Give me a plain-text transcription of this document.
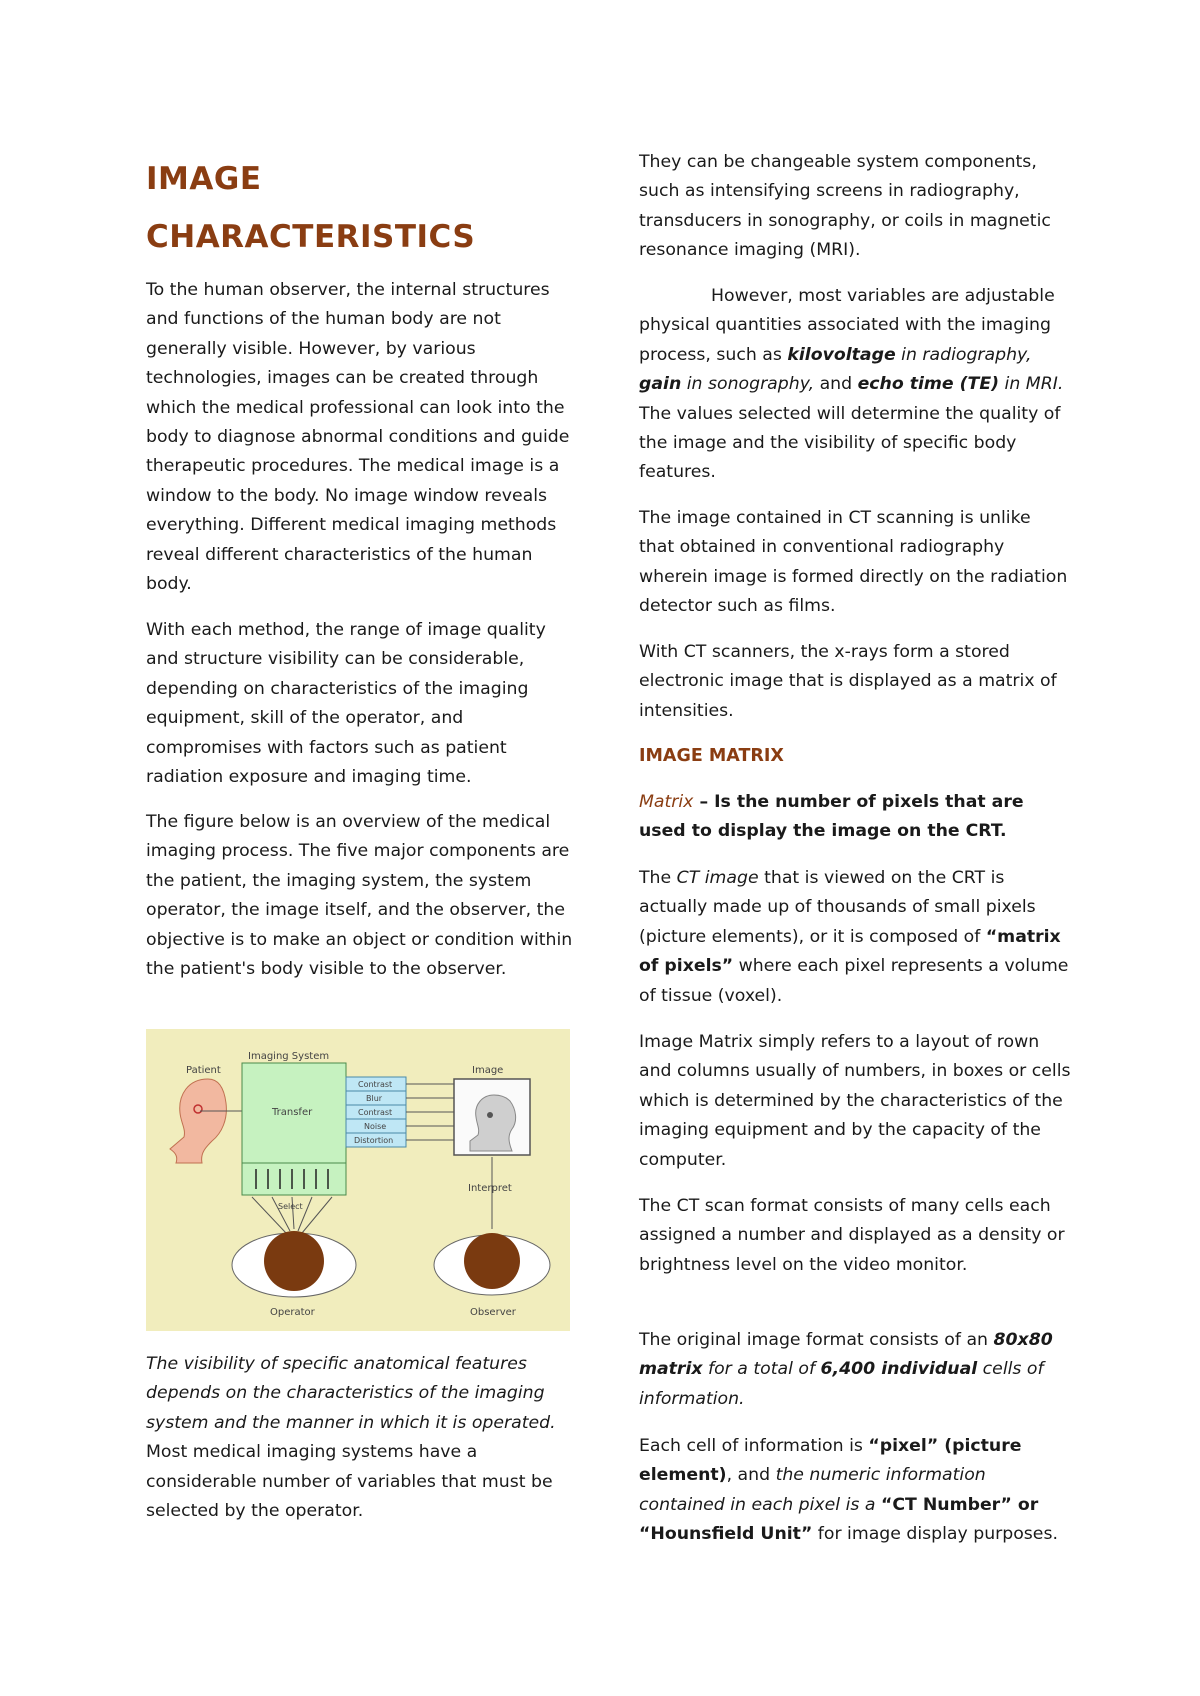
IMAGE
CHARACTERISTICS

To the human observer, the internal structures and functions of the human body are not generally visible. However, by various technologies, images can be created through which the medical professional can look into the body to diagnose abnormal conditions and guide therapeutic procedures. The medical image is a window to the body. No image window reveals everything. Different medical imaging methods reveal different characteristics of the human body.

With each method, the range of image quality and structure visibility can be considerable, depending on characteristics of the imaging equipment, skill of the operator, and compromises with factors such as patient radiation exposure and imaging time.

The figure below is an overview of the medical imaging process. The five major components are the patient, the imaging system, the system operator, the image itself, and the observer, the objective is to make an object or condition within the patient's body visible to the observer.

The visibility of specific anatomical features depends on the characteristics of the imaging system and the manner in which it is operated. Most medical imaging systems have a considerable number of variables that must be selected by the operator.

Patient
Imaging System
Transfer
Contrast
Blur
Contrast
Noise
Distortion
Image
Select
Operator
Interpret
Observer

They can be changeable system components, such as intensifying screens in radiography, transducers in sonography, or coils in magnetic resonance imaging (MRI).

However, most variables are adjustable physical quantities associated with the imaging process, such as kilovoltage in radiography, gain in sonography, and echo time (TE) in MRI. The values selected will determine the quality of the image and the visibility of specific body features.

The image contained in CT scanning is unlike that obtained in conventional radiography wherein image is formed directly on the radiation detector such as films.

With CT scanners, the x-rays form a stored electronic image that is displayed as a matrix of intensities.

IMAGE MATRIX

Matrix – Is the number of pixels that are used to display the image on the CRT.

The CT image that is viewed on the CRT is actually made up of thousands of small pixels (picture elements), or it is composed of “matrix of pixels” where each pixel represents a volume of tissue (voxel).

Image Matrix simply refers to a layout of rown and columns usually of numbers, in boxes or cells which is determined by the characteristics of the imaging equipment and by the capacity of the computer.

The CT scan format consists of many cells each assigned a number and displayed as a density or brightness level on the video monitor.

The original image format consists of an 80x80 matrix for a total of 6,400 individual cells of information.

Each cell of information is “pixel” (picture element), and the numeric information contained in each pixel is a “CT Number” or “Hounsfield Unit” for image display purposes.
